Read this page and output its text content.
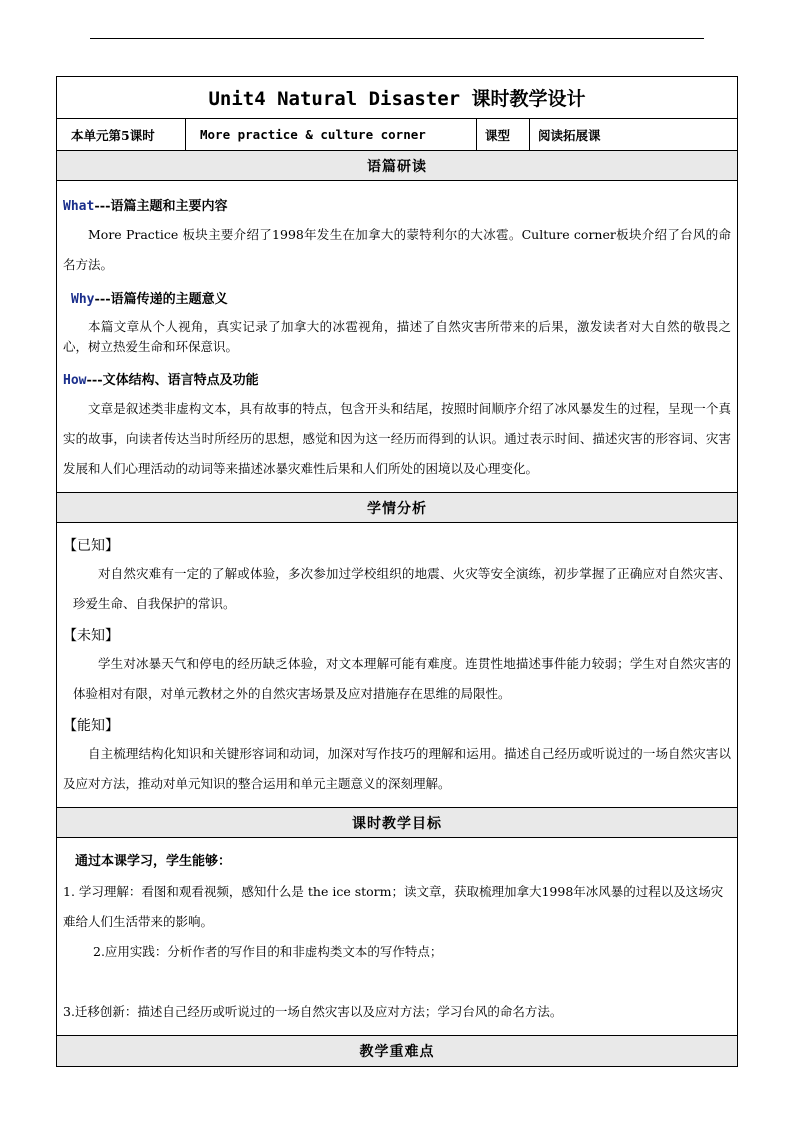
Unit4 Natural Disaster 课时教学设计
本单元第5课时	More practice & culture corner	课型	阅读拓展课
语篇研读
What---语篇主题和主要内容

More Practice 板块主要介绍了1998年发生在加拿大的蒙特利尔的大冰雹。Culture corner板块介绍了台风的命名方法。

Why---语篇传递的主题意义

本篇文章从个人视角，真实记录了加拿大的冰雹视角，描述了自然灾害所带来的后果，激发读者对大自然的敬畏之心，树立热爱生命和环保意识。

How---文体结构、语言特点及功能

文章是叙述类非虚构文本，具有故事的特点，包含开头和结尾，按照时间顺序介绍了冰风暴发生的过程，呈现一个真实的故事，向读者传达当时所经历的思想，感觉和因为这一经历而得到的认识。通过表示时间、描述灾害的形容词、灾害发展和人们心理活动的动词等来描述冰暴灾难性后果和人们所处的困境以及心理变化。

学情分析
【已知】

对自然灾难有一定的了解或体验，多次参加过学校组织的地震、火灾等安全演练，初步掌握了正确应对自然灾害、珍爱生命、自我保护的常识。

【未知】

学生对冰暴天气和停电的经历缺乏体验，对文本理解可能有难度。连贯性地描述事件能力较弱；学生对自然灾害的体验相对有限，对单元教材之外的自然灾害场景及应对措施存在思维的局限性。

【能知】

自主梳理结构化知识和关键形容词和动词，加深对写作技巧的理解和运用。描述自己经历或听说过的一场自然灾害以及应对方法，推动对单元知识的整合运用和单元主题意义的深刻理解。

课时教学目标
通过本课学习，学生能够：

1. 学习理解：看图和观看视频，感知什么是 the ice storm；读文章，获取梳理加拿大1998年冰风暴的过程以及这场灾难给人们生活带来的影响。

2.应用实践：分析作者的写作目的和非虚构类文本的写作特点；

3.迁移创新：描述自己经历或听说过的一场自然灾害以及应对方法；学习台风的命名方法。

教学重难点
